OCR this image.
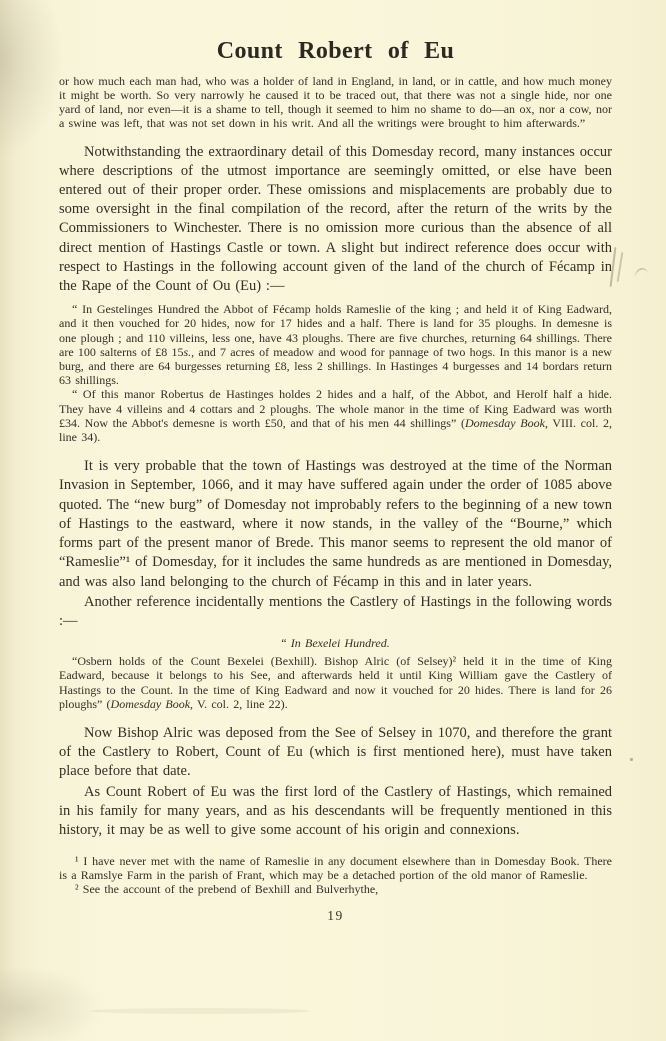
Count Robert of Eu

or how much each man had, who was a holder of land in England, in land, or in cattle, and how much money it might be worth. So very narrowly he caused it to be traced out, that there was not a single hide, nor one yard of land, nor even—it is a shame to tell, though it seemed to him no shame to do—an ox, nor a cow, nor a swine was left, that was not set down in his writ. And all the writings were brought to him afterwards.”

Notwithstanding the extraordinary detail of this Domesday record, many instances occur where descriptions of the utmost importance are seemingly omitted, or else have been entered out of their proper order. These omissions and misplacements are probably due to some oversight in the final compilation of the record, after the return of the writs by the Commissioners to Winchester. There is no omission more curious than the absence of all direct mention of Hastings Castle or town. A slight but indirect reference does occur with respect to Hastings in the following account given of the land of the church of Fécamp in the Rape of the Count of Ou (Eu) :—

“ In Gestelinges Hundred the Abbot of Fécamp holds Rameslie of the king ; and held it of King Eadward, and it then vouched for 20 hides, now for 17 hides and a half. There is land for 35 ploughs. In demesne is one plough ; and 110 villeins, less one, have 43 ploughs. There are five churches, returning 64 shillings. There are 100 salterns of £8 15s., and 7 acres of meadow and wood for pannage of two hogs. In this manor is a new burg, and there are 64 burgesses returning £8, less 2 shillings. In Hastinges 4 burgesses and 14 bordars return 63 shillings.

“ Of this manor Robertus de Hastinges holdes 2 hides and a half, of the Abbot, and Herolf half a hide. They have 4 villeins and 4 cottars and 2 ploughs. The whole manor in the time of King Eadward was worth £34. Now the Abbot's demesne is worth £50, and that of his men 44 shillings” (Domesday Book, VIII. col. 2, line 34).

It is very probable that the town of Hastings was destroyed at the time of the Norman Invasion in September, 1066, and it may have suffered again under the order of 1085 above quoted. The “new burg” of Domesday not improbably refers to the beginning of a new town of Hastings to the eastward, where it now stands, in the valley of the “Bourne,” which forms part of the present manor of Brede. This manor seems to represent the old manor of “Rameslie”¹ of Domesday, for it includes the same hundreds as are mentioned in Domesday, and was also land belonging to the church of Fécamp in this and in later years.

Another reference incidentally mentions the Castlery of Hastings in the following words :—

“ In Bexelei Hundred.

“Osbern holds of the Count Bexelei (Bexhill). Bishop Alric (of Selsey)² held it in the time of King Eadward, because it belongs to his See, and afterwards held it until King William gave the Castlery of Hastings to the Count. In the time of King Eadward and now it vouched for 20 hides. There is land for 26 ploughs” (Domesday Book, V. col. 2, line 22).

Now Bishop Alric was deposed from the See of Selsey in 1070, and therefore the grant of the Castlery to Robert, Count of Eu (which is first mentioned here), must have taken place before that date.

As Count Robert of Eu was the first lord of the Castlery of Hastings, which remained in his family for many years, and as his descendants will be frequently mentioned in this history, it may be as well to give some account of his origin and connexions.

¹ I have never met with the name of Rameslie in any document elsewhere than in Domesday Book. There is a Ramslye Farm in the parish of Frant, which may be a detached portion of the old manor of Rameslie.

² See the account of the prebend of Bexhill and Bulverhythe,

19
